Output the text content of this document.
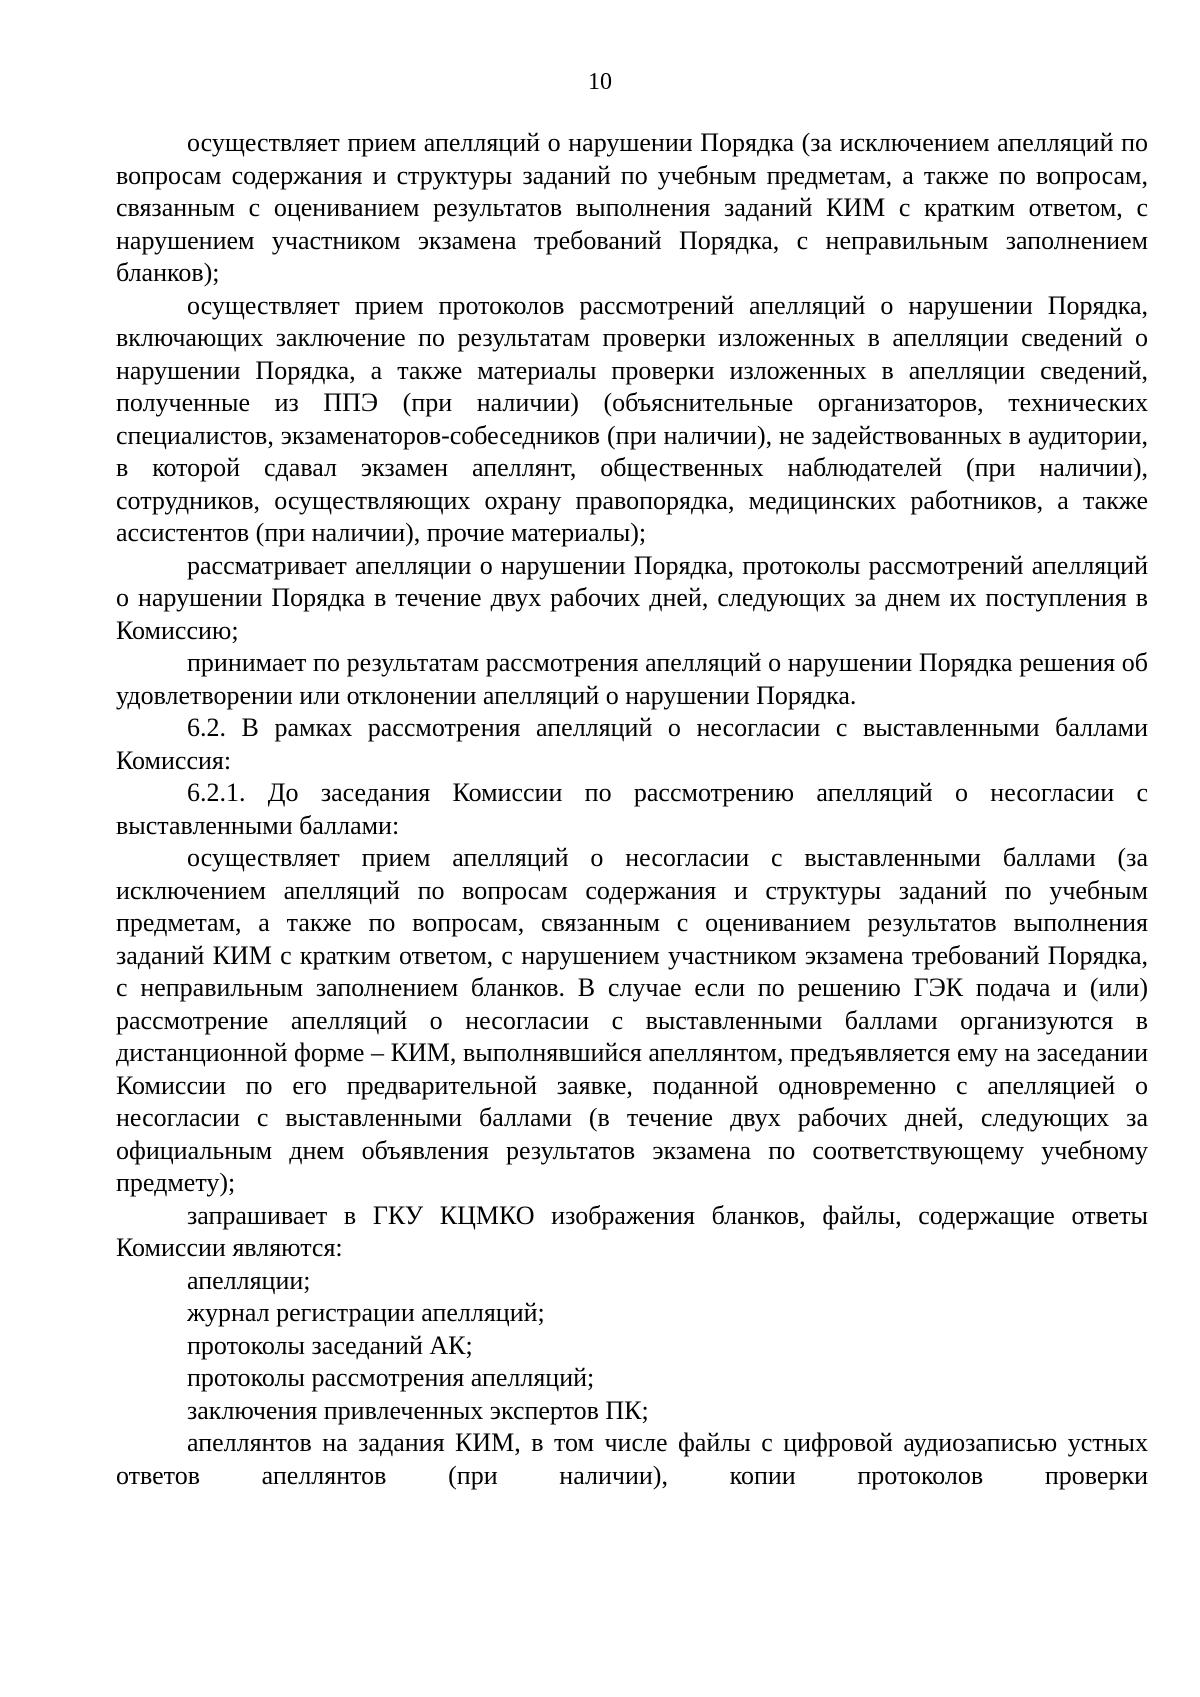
10

осуществляет прием апелляций о нарушении Порядка (за исключением апелляций по вопросам содержания и структуры заданий по учебным предметам, а также по вопросам, связанным с оцениванием результатов выполнения заданий КИМ с кратким ответом, с нарушением участником экзамена требований Порядка, с неправильным заполнением бланков);

осуществляет прием протоколов рассмотрений апелляций о нарушении Порядка, включающих заключение по результатам проверки изложенных в апелляции сведений о нарушении Порядка, а также материалы проверки изложенных в апелляции сведений, полученные из ППЭ (при наличии) (объяснительные организаторов, технических специалистов, экзаменаторов-собеседников (при наличии), не задействованных в аудитории, в которой сдавал экзамен апеллянт, общественных наблюдателей (при наличии), сотрудников, осуществляющих охрану правопорядка, медицинских работников, а также ассистентов (при наличии), прочие материалы);

рассматривает апелляции о нарушении Порядка, протоколы рассмотрений апелляций о нарушении Порядка в течение двух рабочих дней, следующих за днем их поступления в Комиссию;

принимает по результатам рассмотрения апелляций о нарушении Порядка решения об удовлетворении или отклонении апелляций о нарушении Порядка.

6.2. В рамках рассмотрения апелляций о несогласии с выставленными баллами Комиссия:

6.2.1. До заседания Комиссии по рассмотрению апелляций о несогласии с выставленными баллами:

осуществляет прием апелляций о несогласии с выставленными баллами (за исключением апелляций по вопросам содержания и структуры заданий по учебным предметам, а также по вопросам, связанным с оцениванием результатов выполнения заданий КИМ с кратким ответом, с нарушением участником экзамена требований Порядка, с неправильным заполнением бланков. В случае если по решению ГЭК подача и (или) рассмотрение апелляций о несогласии с выставленными баллами организуются в дистанционной форме – КИМ, выполнявшийся апеллянтом, предъявляется ему на заседании Комиссии по его предварительной заявке, поданной одновременно с апелляцией о несогласии с выставленными баллами (в течение двух рабочих дней, следующих за официальным днем объявления результатов экзамена по соответствующему учебному предмету);

запрашивает в ГКУ КЦМКО изображения бланков, файлы, содержащие ответы Комиссии являются:

апелляции;

журнал регистрации апелляций;

протоколы заседаний АК;

протоколы рассмотрения апелляций;

заключения привлеченных экспертов ПК;

апеллянтов на задания КИМ, в том числе файлы с цифровой аудиозаписью устных ответов апеллянтов (при наличии), копии протоколов проверки
